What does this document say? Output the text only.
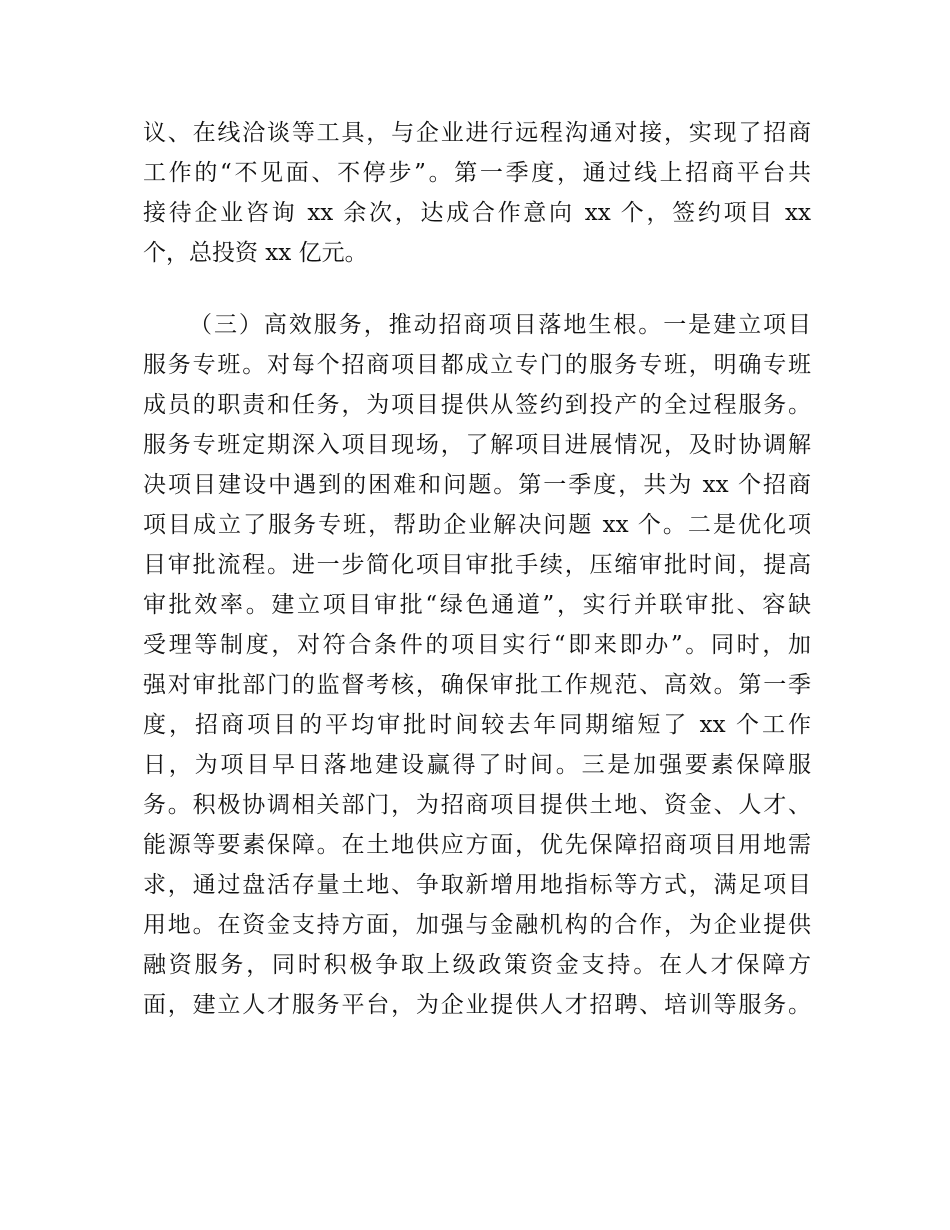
议、在线洽谈等工具，与企业进行远程沟通对接，实现了招商
工作的“不见面、不停步”。第一季度，通过线上招商平台共
接待企业咨询 xx 余次，达成合作意向 xx 个，签约项目 xx
个，总投资 xx 亿元。
（三）高效服务，推动招商项目落地生根。一是建立项目
服务专班。对每个招商项目都成立专门的服务专班，明确专班
成员的职责和任务，为项目提供从签约到投产的全过程服务。
服务专班定期深入项目现场，了解项目进展情况，及时协调解
决项目建设中遇到的困难和问题。第一季度，共为 xx 个招商
项目成立了服务专班，帮助企业解决问题 xx 个。二是优化项
目审批流程。进一步简化项目审批手续，压缩审批时间，提高
审批效率。建立项目审批“绿色通道”，实行并联审批、容缺
受理等制度，对符合条件的项目实行“即来即办”。同时，加
强对审批部门的监督考核，确保审批工作规范、高效。第一季
度，招商项目的平均审批时间较去年同期缩短了 xx 个工作
日，为项目早日落地建设赢得了时间。三是加强要素保障服
务。积极协调相关部门，为招商项目提供土地、资金、人才、
能源等要素保障。在土地供应方面，优先保障招商项目用地需
求，通过盘活存量土地、争取新增用地指标等方式，满足项目
用地。在资金支持方面，加强与金融机构的合作，为企业提供
融资服务，同时积极争取上级政策资金支持。在人才保障方
面，建立人才服务平台，为企业提供人才招聘、培训等服务。
